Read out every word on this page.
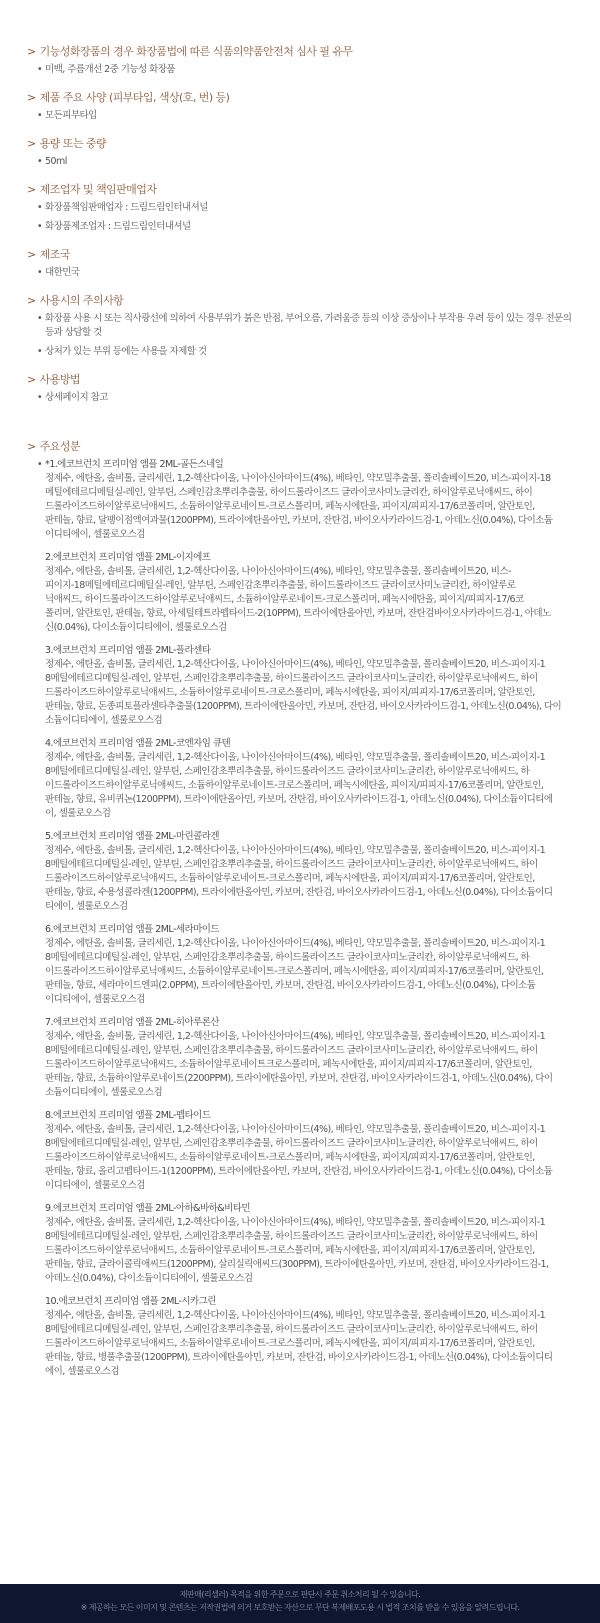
> 기능성화장품의 경우 화장품법에 따른 식품의약품안전처 심사 필 유무

• 미백, 주름개선 2중 기능성 화장품

> 제품 주요 사양 (피부타입, 색상(호, 번) 등)

• 모든피부타입

> 용량 또는 중량

• 50ml

> 제조업자 및 책임판매업자

• 화장품책임판매업자 : 드림드림인터내셔널
• 화장품제조업자 : 드림드림인터내셔널

> 제조국

• 대한민국

> 사용시의 주의사항

• 화장품 사용 시 또는 직사광선에 의하여 사용부위가 붉은 반점, 부어오름, 가려움증 등의 이상 증상이나 부작용 우려 등이 있는 경우 전문의 등과 상담할 것
• 상처가 있는 부위 등에는 사용을 자제할 것

> 사용방법

• 상세페이지 참고

> 주요성분

• *1.에코브런치 프리미엄 앰플 2ML-골든스네일
정제수, 에탄올, 솔비톨, 글리세린, 1,2-헥산다이올, 나이아신아마이드(4%), 베타인, 약모밀추출물, 폴리솔베이트20, 비스-피이지-18
메틸에테르디메틸실-레인, 알부틴, 스페인감초뿌리추출물, 하이드롤라이즈드 글라이코사미노글리칸, 하이알루로닉애씨드, 하이
드롤라이즈드하이알루로닉애씨드, 소듐하이알루로네이트-크로스폴리머, 페녹시에탄올, 피이지/피피지-17/6코폴리머, 알란토인,
판테놀, 향료, 달팽이점액여과물(1200PPM), 트라이에탄올아민, 카보머, 잔탄검, 바이오사카라이드검-1, 아데노신(0.04%), 다이소듐
이디티에이, 셀룰로오스검
2.에코브런치 프리미엄 앰플 2ML-이지에프
정제수, 에탄올, 솔비톨, 글리세린, 1,2-헥산다이올, 나이아신아마이드(4%), 베타인, 약모밀추출물, 폴리솔베이트20, 비스-
피이지-18메틸에테르디메틸실-레인, 알부틴, 스페인감초뿌리추출물, 하이드롤라이즈드 글라이코사미노글리칸, 하이알루로
닉애씨드, 하이드롤라이즈드하이알루로닉애씨드, 소듐하이알루로네이트-크로스폴리머, 페녹시에탄올, 피이지/피피지-17/6코
폴리머, 알란토인, 판테놀, 향료, 아세틸테트라펩타이드-2(10PPM), 트라이에탄올아민, 카보머, 잔탄검바이오사카라이드검-1, 아데노
신(0.04%), 다이소듐이디티에이, 셀룰로오스검
3.에코브런치 프리미엄 앰플 2ML-플라센타
정제수, 에탄올, 솔비톨, 글리세린, 1,2-헥산다이올, 나이아신아마이드(4%), 베타인, 약모밀추출물, 폴리솔베이트20, 비스-피이지-1
8메틸에테르디메틸실-레인, 알부틴, 스페인감초뿌리추출물, 하이드롤라이즈드 글라이코사미노글리칸, 하이알루로닉애씨드, 하이
드롤라이즈드하이알루로닉애씨드, 소듐하이알루로네이트-크로스폴리머, 페녹시에탄올, 피이지/피피지-17/6코폴리머, 알란토인,
판테놀, 향료, 돈종피토플라센타추출물(1200PPM), 트라이에탄올아민, 카보머, 잔탄검, 바이오사카라이드검-1, 아데노신(0.04%), 다이
소듐이디티에이, 셀룰로오스검
4.에코브런치 프리미엄 앰플 2ML-코엔자임 큐텐
정제수, 에탄올, 솔비톨, 글리세린, 1,2-헥산다이올, 나이아신아마이드(4%), 베타인, 약모밀추출물, 폴리솔베이트20, 비스-피이지-1
8메틸에테르디메틸실-레인, 알부틴, 스페인감초뿌리추출물, 하이드롤라이즈드 글라이코사미노글리칸, 하이알루로닉애씨드, 하
이드롤라이즈드하이알루로닉애씨드, 소듐하이알루로네이트-크로스폴리머, 페녹시에탄올, 피이지/피피지-17/6코폴리머, 알란토인,
판테놀, 향료, 유비퀴논(1200PPM), 트라이에탄올아민, 카보머, 잔탄검, 바이오사카라이드검-1, 아데노신(0.04%), 다이소듐이디티에
이, 셀룰로오스검
5.에코브런치 프리미엄 앰플 2ML-마린콜라겐
정제수, 에탄올, 솔비톨, 글리세린, 1,2-헥산다이올, 나이아신아마이드(4%), 베타인, 약모밀추출물, 폴리솔베이트20, 비스-피이지-1
8메틸에테르디메틸실-레인, 알부틴, 스페인감초뿌리추출물, 하이드롤라이즈드 글라이코사미노글리칸, 하이알루로닉애씨드, 하이
드롤라이즈드하이알루로닉애씨드, 소듐하이알루로네이트-크로스폴리머, 페녹시에탄올, 피이지/피피지-17/6코폴리머, 알란토인,
판테놀, 향료, 수용성콜라겐(1200PPM), 트라이에탄올아민, 카보머, 잔탄검, 바이오사카라이드검-1, 아데노신(0.04%), 다이소듐이디
티에이, 셀룰로오스검
6.에코브런치 프리미엄 앰플 2ML-세라마이드
정제수, 에탄올, 솔비톨, 글리세린, 1,2-헥산다이올, 나이아신아마이드(4%), 베타인, 약모밀추출물, 폴리솔베이트20, 비스-피이지-1
8메틸에테르디메틸실-레인, 알부틴, 스페인감초뿌리추출물, 하이드롤라이즈드 글라이코사미노글리칸, 하이알루로닉애씨드, 하
이드롤라이즈드하이알루로닉애씨드, 소듐하이알루로네이트-크로스폴리머, 페녹시에탄올, 피이지/피피지-17/6코폴리머, 알란토인,
판테놀, 향료, 세라마이드엔피(2.0PPM), 트라이에탄올아민, 카보머, 잔탄검, 바이오사카라이드검-1, 아데노신(0.04%), 다이소듐
이디티에이, 셀룰로오스검
7.에코브런치 프리미엄 앰플 2ML-히아루론산
정제수, 에탄올, 솔비톨, 글리세린, 1,2-헥산다이올, 나이아신아마이드(4%), 베타인, 약모밀추출물, 폴리솔베이트20, 비스-피이지-1
8메틸에테르디메틸실-레인, 알부틴, 스페인감초뿌리추출물, 하이드롤라이즈드 글라이코사미노글리칸, 하이알루로닉애씨드, 하이
드롤라이즈드하이알루로닉애씨드, 소듐하이알루로네이트크로스폴리머, 페녹시에탄올, 피이지/피피지-17/6코폴리머, 알란토인,
판테놀, 향료, 소듐하이알루로네이트(2200PPM), 트라이에탄올아민, 카보머, 잔탄검, 바이오사카라이드검-1, 아데노신(0.04%), 다이
소듐이디티에이, 셀룰로오스검
8.에코브런치 프리미엄 앰플 2ML-펩타이드
정제수, 에탄올, 솔비톨, 글리세린, 1,2-헥산다이올, 나이아신아마이드(4%), 베타인, 약모밀추출물, 폴리솔베이트20, 비스-피이지-1
8메틸에테르디메틸실-레인, 알부틴, 스페인감초뿌리추출물, 하이드롤라이즈드 글라이코사미노글리칸, 하이알루로닉애씨드, 하이
드롤라이즈드하이알루로닉애씨드, 소듐하이알루로네이트-크로스폴리머, 페녹시에탄올, 피이지/피피지-17/6코폴리머, 알란토인,
판테놀, 향료, 올리고펩타이드-1(1200PPM), 트라이에탄올아민, 카보머, 잔탄검, 바이오사카라이드검-1, 아데노신(0.04%), 다이소듐
이디티에이, 셀룰로오스검
9.에코브런치 프리미엄 앰플 2ML-아하&바하&비타민
정제수, 에탄올, 솔비톨, 글리세린, 1,2-헥산다이올, 나이아신아마이드(4%), 베타인, 약모밀추출물, 폴리솔베이트20, 비스-피이지-1
8메틸에테르디메틸실-레인, 알부틴, 스페인감초뿌리추출물, 하이드롤라이즈드 글라이코사미노글리칸, 하이알루로닉애씨드, 하이
드롤라이즈드하이알루로닉애씨드, 소듐하이알루로네이트-크로스폴리머, 페녹시에탄올, 피이지/피피지-17/6코폴리머, 알란토인,
판테놀, 향료, 글라이콜릭애씨드(1200PPM), 살리실릭애씨드(300PPM), 트라이에탄올아민, 카보머, 잔탄검, 바이오사카라이드검-1,
아데노신(0.04%), 다이소듐이디티에이, 셀룰로오스검
10.에코브런치 프리미엄 앰플 2ML-시카그린
정제수, 에탄올, 솔비톨, 글리세린, 1,2-헥산다이올, 나이아신아마이드(4%), 베타인, 약모밀추출물, 폴리솔베이트20, 비스-피이지-1
8메틸에테르디메틸실-레인, 알부틴, 스페인감초뿌리추출물, 하이드롤라이즈드 글라이코사미노글리칸, 하이알루로닉애씨드, 하이
드롤라이즈드하이알루로닉애씨드, 소듐하이알루로네이트-크로스폴리머, 페녹시에탄올, 피이지/피피지-17/6코폴리머, 알란토인,
판테놀, 향료, 병풀추출물(1200PPM), 트라이에탄올아민, 카보머, 잔탄검, 바이오사카라이드검-1, 아데노신(0.04%), 다이소듐이디티
에이, 셀룰로오스검

재판매(리셀러) 목적을 위한 주문으로 판단시 주문 취소처리 될 수 있습니다.

※ 제공하는 모든 이미지 및 콘텐츠는 저작권법에 의거 보호받는 자산으로 무단 복제배포도용 시 법적 조치를 받을 수 있음을 알려드립니다.
